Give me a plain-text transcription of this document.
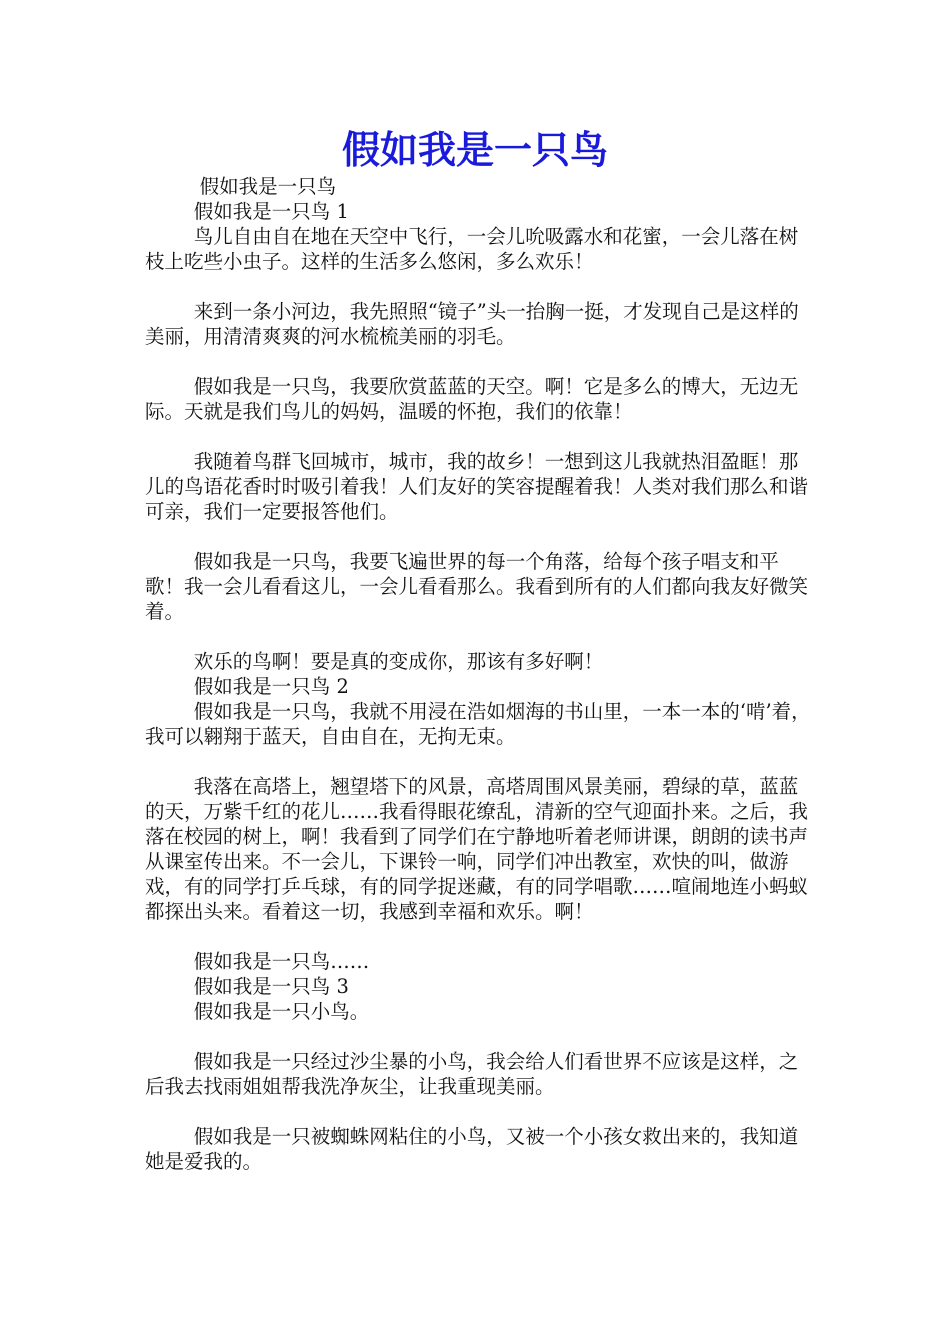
假如我是一只鸟

假如我是一只鸟

假如我是一只鸟 1

鸟儿自由自在地在天空中飞行，一会儿吮吸露水和花蜜，一会儿落在树枝上吃些小虫子。这样的生活多么悠闲，多么欢乐！

来到一条小河边，我先照照“镜子”头一抬胸一挺，才发现自己是这样的美丽，用清清爽爽的河水梳梳美丽的羽毛。

假如我是一只鸟，我要欣赏蓝蓝的天空。啊！它是多么的博大，无边无际。天就是我们鸟儿的妈妈，温暖的怀抱，我们的依靠！

我随着鸟群飞回城市，城市，我的故乡！一想到这儿我就热泪盈眶！那儿的鸟语花香时时吸引着我！人们友好的笑容提醒着我！人类对我们那么和谐可亲，我们一定要报答他们。

假如我是一只鸟，我要飞遍世界的每一个角落，给每个孩子唱支和平歌！我一会儿看看这儿，一会儿看看那么。我看到所有的人们都向我友好微笑着。

欢乐的鸟啊！要是真的变成你，那该有多好啊！

假如我是一只鸟 2

假如我是一只鸟，我就不用浸在浩如烟海的书山里，一本一本的‘啃’着，我可以翱翔于蓝天，自由自在，无拘无束。

我落在高塔上，翘望塔下的风景，高塔周围风景美丽，碧绿的草，蓝蓝的天，万紫千红的花儿……我看得眼花缭乱，清新的空气迎面扑来。之后，我落在校园的树上，啊！我看到了同学们在宁静地听着老师讲课，朗朗的读书声从课室传出来。不一会儿，下课铃一响，同学们冲出教室，欢快的叫，做游戏，有的同学打乒乓球，有的同学捉迷藏，有的同学唱歌……喧闹地连小蚂蚁都探出头来。看着这一切，我感到幸福和欢乐。啊！

假如我是一只鸟……

假如我是一只鸟 3

假如我是一只小鸟。

假如我是一只经过沙尘暴的小鸟，我会给人们看世界不应该是这样，之后我去找雨姐姐帮我洗净灰尘，让我重现美丽。

假如我是一只被蜘蛛网粘住的小鸟，又被一个小孩女救出来的，我知道她是爱我的。
